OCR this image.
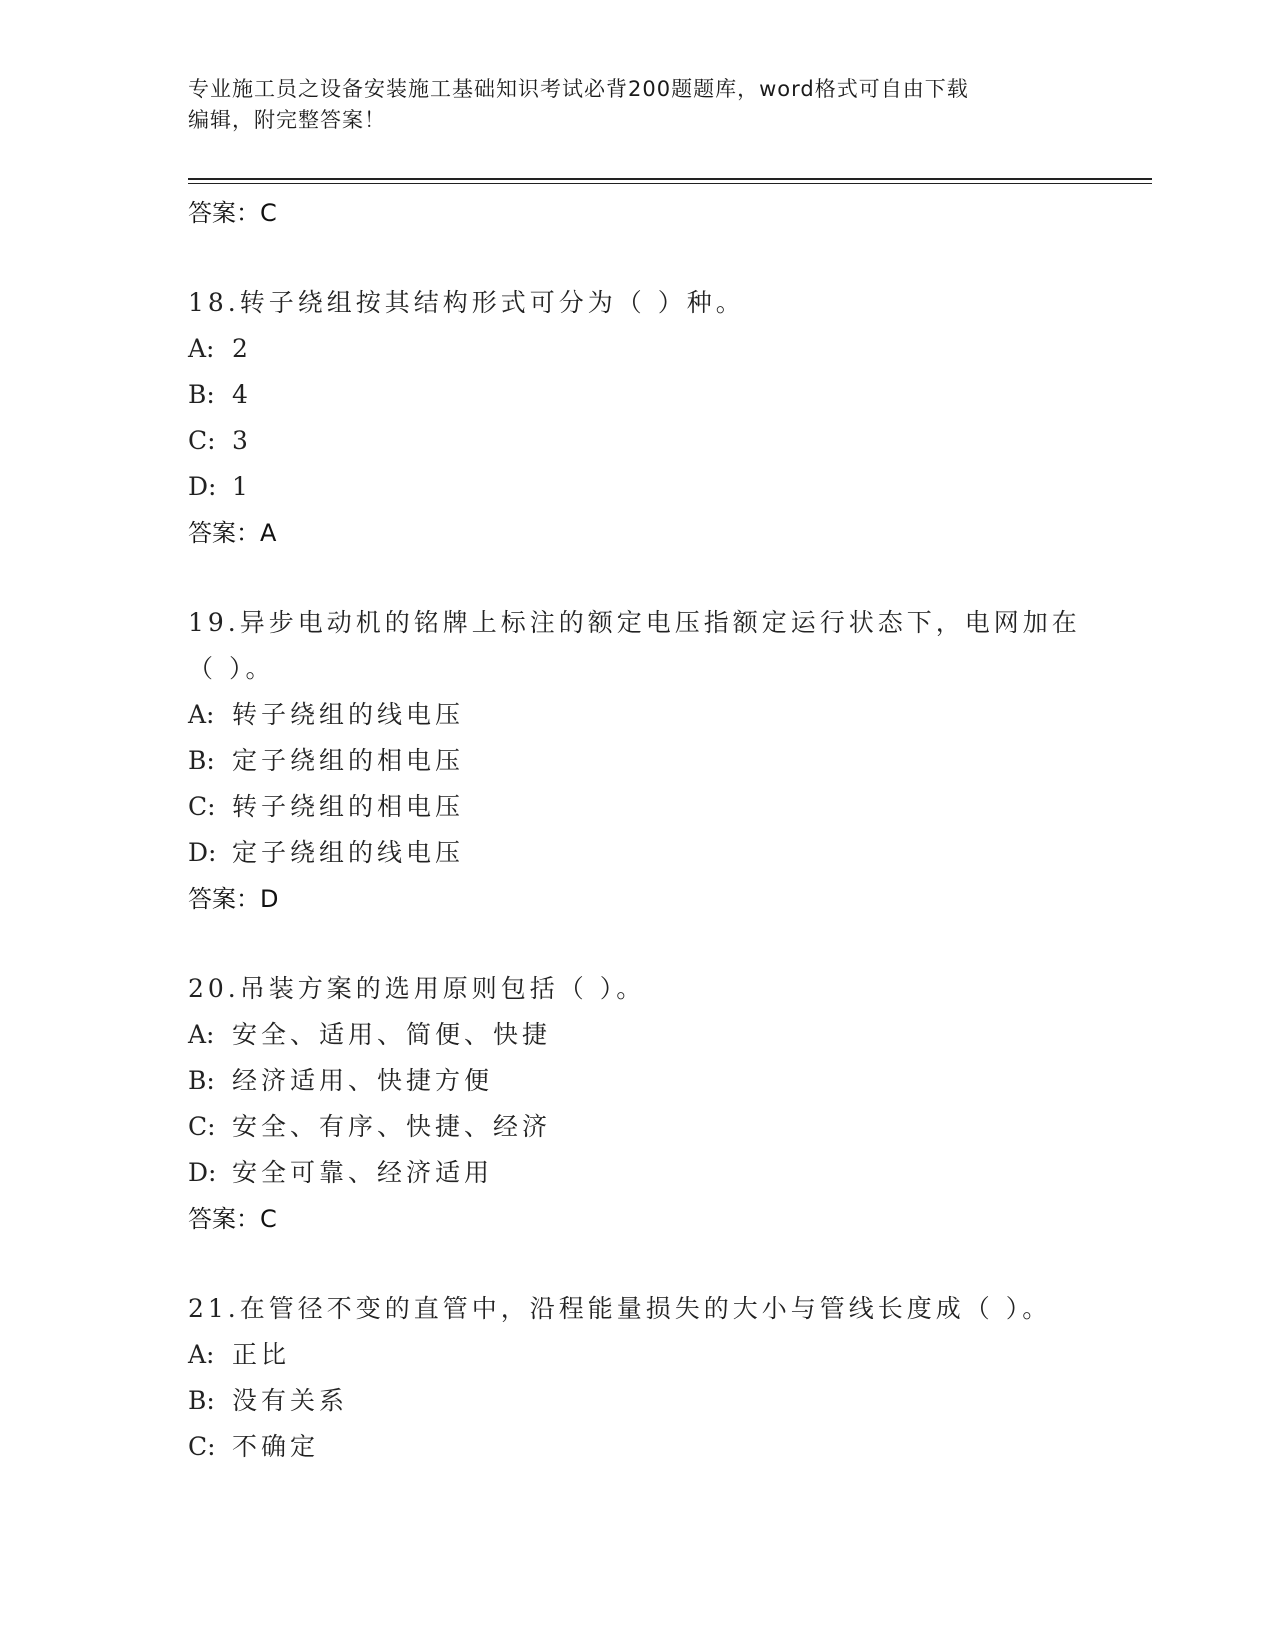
专业施工员之设备安装施工基础知识考试必背200题题库，word格式可自由下载
编辑，附完整答案！
答案：C
18.转子绕组按其结构形式可分为（ ）种。
A: 2
B: 4
C: 3
D: 1
答案：A
19.异步电动机的铭牌上标注的额定电压指额定运行状态下，电网加在
（ ）。
A: 转子绕组的线电压
B: 定子绕组的相电压
C: 转子绕组的相电压
D: 定子绕组的线电压
答案：D
20.吊装方案的选用原则包括（ ）。
A: 安全、适用、简便、快捷
B: 经济适用、快捷方便
C: 安全、有序、快捷、经济
D: 安全可靠、经济适用
答案：C
21.在管径不变的直管中，沿程能量损失的大小与管线长度成（ ）。
A: 正比
B: 没有关系
C: 不确定
